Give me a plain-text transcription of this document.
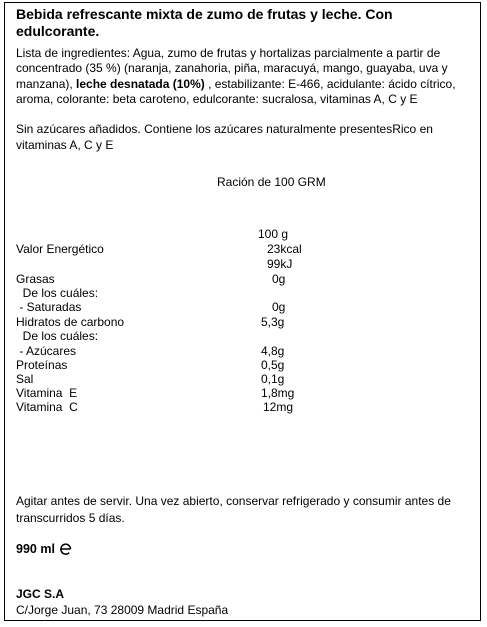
Bebida refrescante mixta de zumo de frutas y leche. Con edulcorante.
Lista de ingredientes: Agua, zumo de frutas y hortalizas parcialmente a partir de concentrado (35 %) (naranja, zanahoria, piña, maracuyá, mango, guayaba, uva y manzana), leche desnatada (10%) , estabilizante: E-466, acidulante: ácido cítrico, aroma, colorante: beta caroteno, edulcorante: sucralosa, vitaminas A, C y E
Sin azúcares añadidos. Contiene los azúcares naturalmente presentesRico en vitaminas A, C y E
Ración de 100 GRM
100 g
Valor Energético	23kcal
99kJ
Grasas	0g
De los cuáles:
- Saturadas	0g
Hidratos de carbono	5,3g
De los cuáles:
- Azúcares	4,8g
Proteínas	0,5g
Sal	0,1g
Vitamina  E	1,8mg
Vitamina  C	12mg
Agitar antes de servir. Una vez abierto, conservar refrigerado y consumir antes de transcurridos 5 días.
990 ml
JGC S.A
C/Jorge Juan, 73 28009 Madrid España
